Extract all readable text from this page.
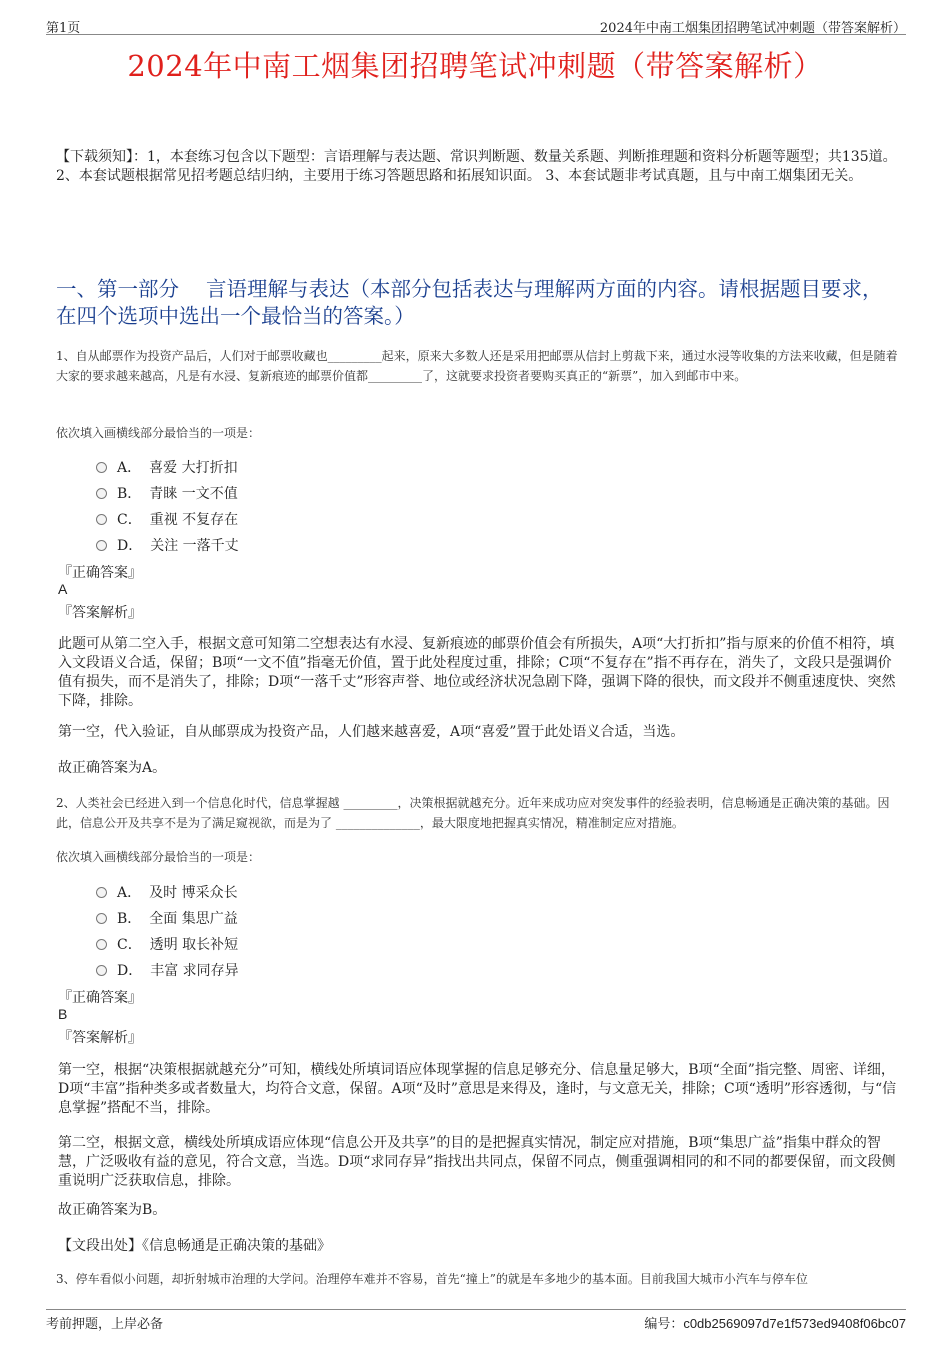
第1页	2024年中南工烟集团招聘笔试冲刺题（带答案解析）
2024年中南工烟集团招聘笔试冲刺题（带答案解析）
【下载须知】：1，本套练习包含以下题型：言语理解与表达题、常识判断题、数量关系题、判断推理题和资料分析题等题型；共135道。 2、本套试题根据常见招考题总结归纳，主要用于练习答题思路和拓展知识面。 3、本套试题非考试真题，且与中南工烟集团无关。
一、第一部分　 言语理解与表达（本部分包括表达与理解两方面的内容。请根据题目要求，在四个选项中选出一个最恰当的答案。）
1、自从邮票作为投资产品后，人们对于邮票收藏也_________起来，原来大多数人还是采用把邮票从信封上剪裁下来，通过水浸等收集的方法来收藏，但是随着大家的要求越来越高，凡是有水浸、复新痕迹的邮票价值都_________了，这就要求投资者要购买真正的“新票”，加入到邮市中来。
依次填入画横线部分最恰当的一项是：
A． 喜爱 大打折扣
B． 青睐 一文不值
C． 重视 不复存在
D． 关注 一落千丈
『正确答案』
A
『答案解析』
此题可从第二空入手，根据文意可知第二空想表达有水浸、复新痕迹的邮票价值会有所损失，A项“大打折扣”指与原来的价值不相符，填入文段语义合适，保留；B项“一文不值”指毫无价值，置于此处程度过重，排除；C项“不复存在”指不再存在，消失了，文段只是强调价值有损失，而不是消失了，排除；D项“一落千丈”形容声誉、地位或经济状况急剧下降，强调下降的很快，而文段并不侧重速度快、突然下降，排除。
第一空，代入验证，自从邮票成为投资产品，人们越来越喜爱，A项“喜爱”置于此处语义合适，当选。
故正确答案为A。
2、人类社会已经进入到一个信息化时代，信息掌握越 _________，决策根据就越充分。近年来成功应对突发事件的经验表明，信息畅通是正确决策的基础。因此，信息公开及共享不是为了满足窥视欲，而是为了 ______________，最大限度地把握真实情况，精准制定应对措施。
依次填入画横线部分最恰当的一项是：
A． 及时 博采众长
B． 全面 集思广益
C． 透明 取长补短
D． 丰富 求同存异
『正确答案』
B
『答案解析』
第一空，根据“决策根据就越充分”可知，横线处所填词语应体现掌握的信息足够充分、信息量足够大，B项“全面”指完整、周密、详细，D项“丰富”指种类多或者数量大，均符合文意，保留。A项“及时”意思是来得及，逢时，与文意无关，排除；C项“透明”形容透彻，与“信息掌握”搭配不当，排除。
第二空，根据文意，横线处所填成语应体现“信息公开及共享”的目的是把握真实情况，制定应对措施，B项“集思广益”指集中群众的智慧，广泛吸收有益的意见，符合文意，当选。D项“求同存异”指找出共同点，保留不同点，侧重强调相同的和不同的都要保留，而文段侧重说明广泛获取信息，排除。
故正确答案为B。
【文段出处】《信息畅通是正确决策的基础》
3、停车看似小问题，却折射城市治理的大学问。治理停车难并不容易，首先“撞上”的就是车多地少的基本面。目前我国大城市小汽车与停车位
考前押题，上岸必备	编号：c0db2569097d7e1f573ed9408f06bc07
